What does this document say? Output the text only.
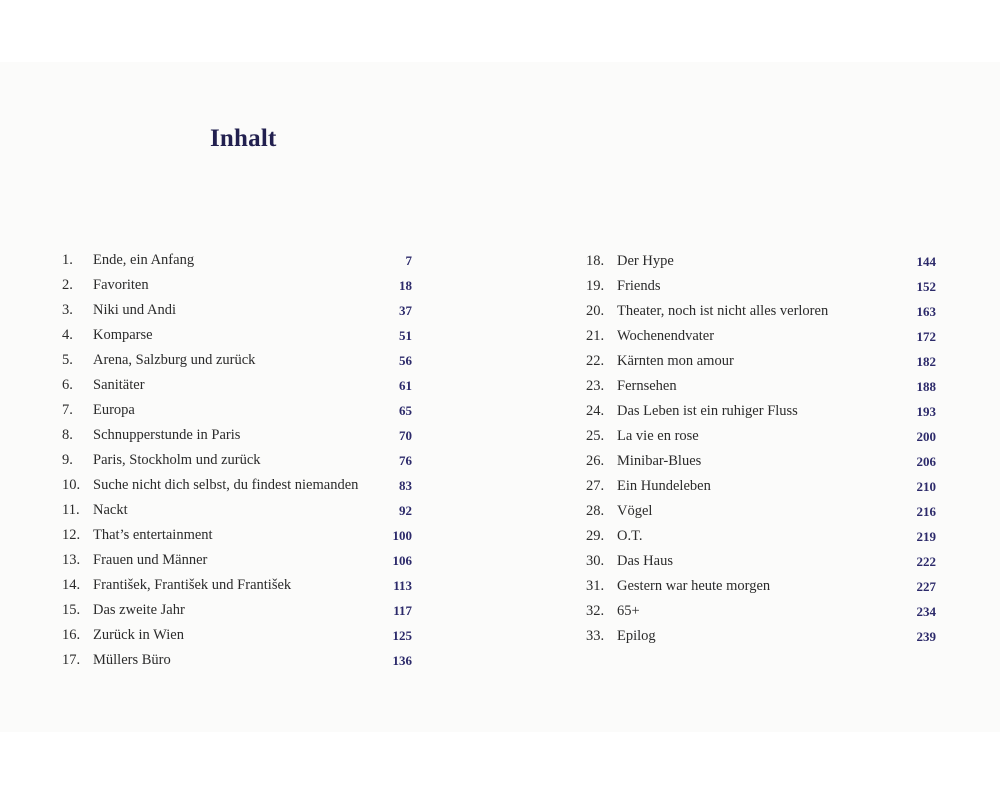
Inhalt
1. Ende, ein Anfang	7
2. Favoriten	18
3. Niki und Andi	37
4. Komparse	51
5. Arena, Salzburg und zurück	56
6. Sanitäter	61
7. Europa	65
8. Schnupperstunde in Paris	70
9. Paris, Stockholm und zurück	76
10. Suche nicht dich selbst, du findest niemanden	83
11. Nackt	92
12. That’s entertainment	100
13. Frauen und Männer	106
14. František, František und František	113
15. Das zweite Jahr	117
16. Zurück in Wien	125
17. Müllers Büro	136
18. Der Hype	144
19. Friends	152
20. Theater, noch ist nicht alles verloren	163
21. Wochenendvater	172
22. Kärnten mon amour	182
23. Fernsehen	188
24. Das Leben ist ein ruhiger Fluss	193
25. La vie en rose	200
26. Minibar-Blues	206
27. Ein Hundeleben	210
28. Vögel	216
29. O.T.	219
30. Das Haus	222
31. Gestern war heute morgen	227
32. 65+	234
33. Epilog	239
